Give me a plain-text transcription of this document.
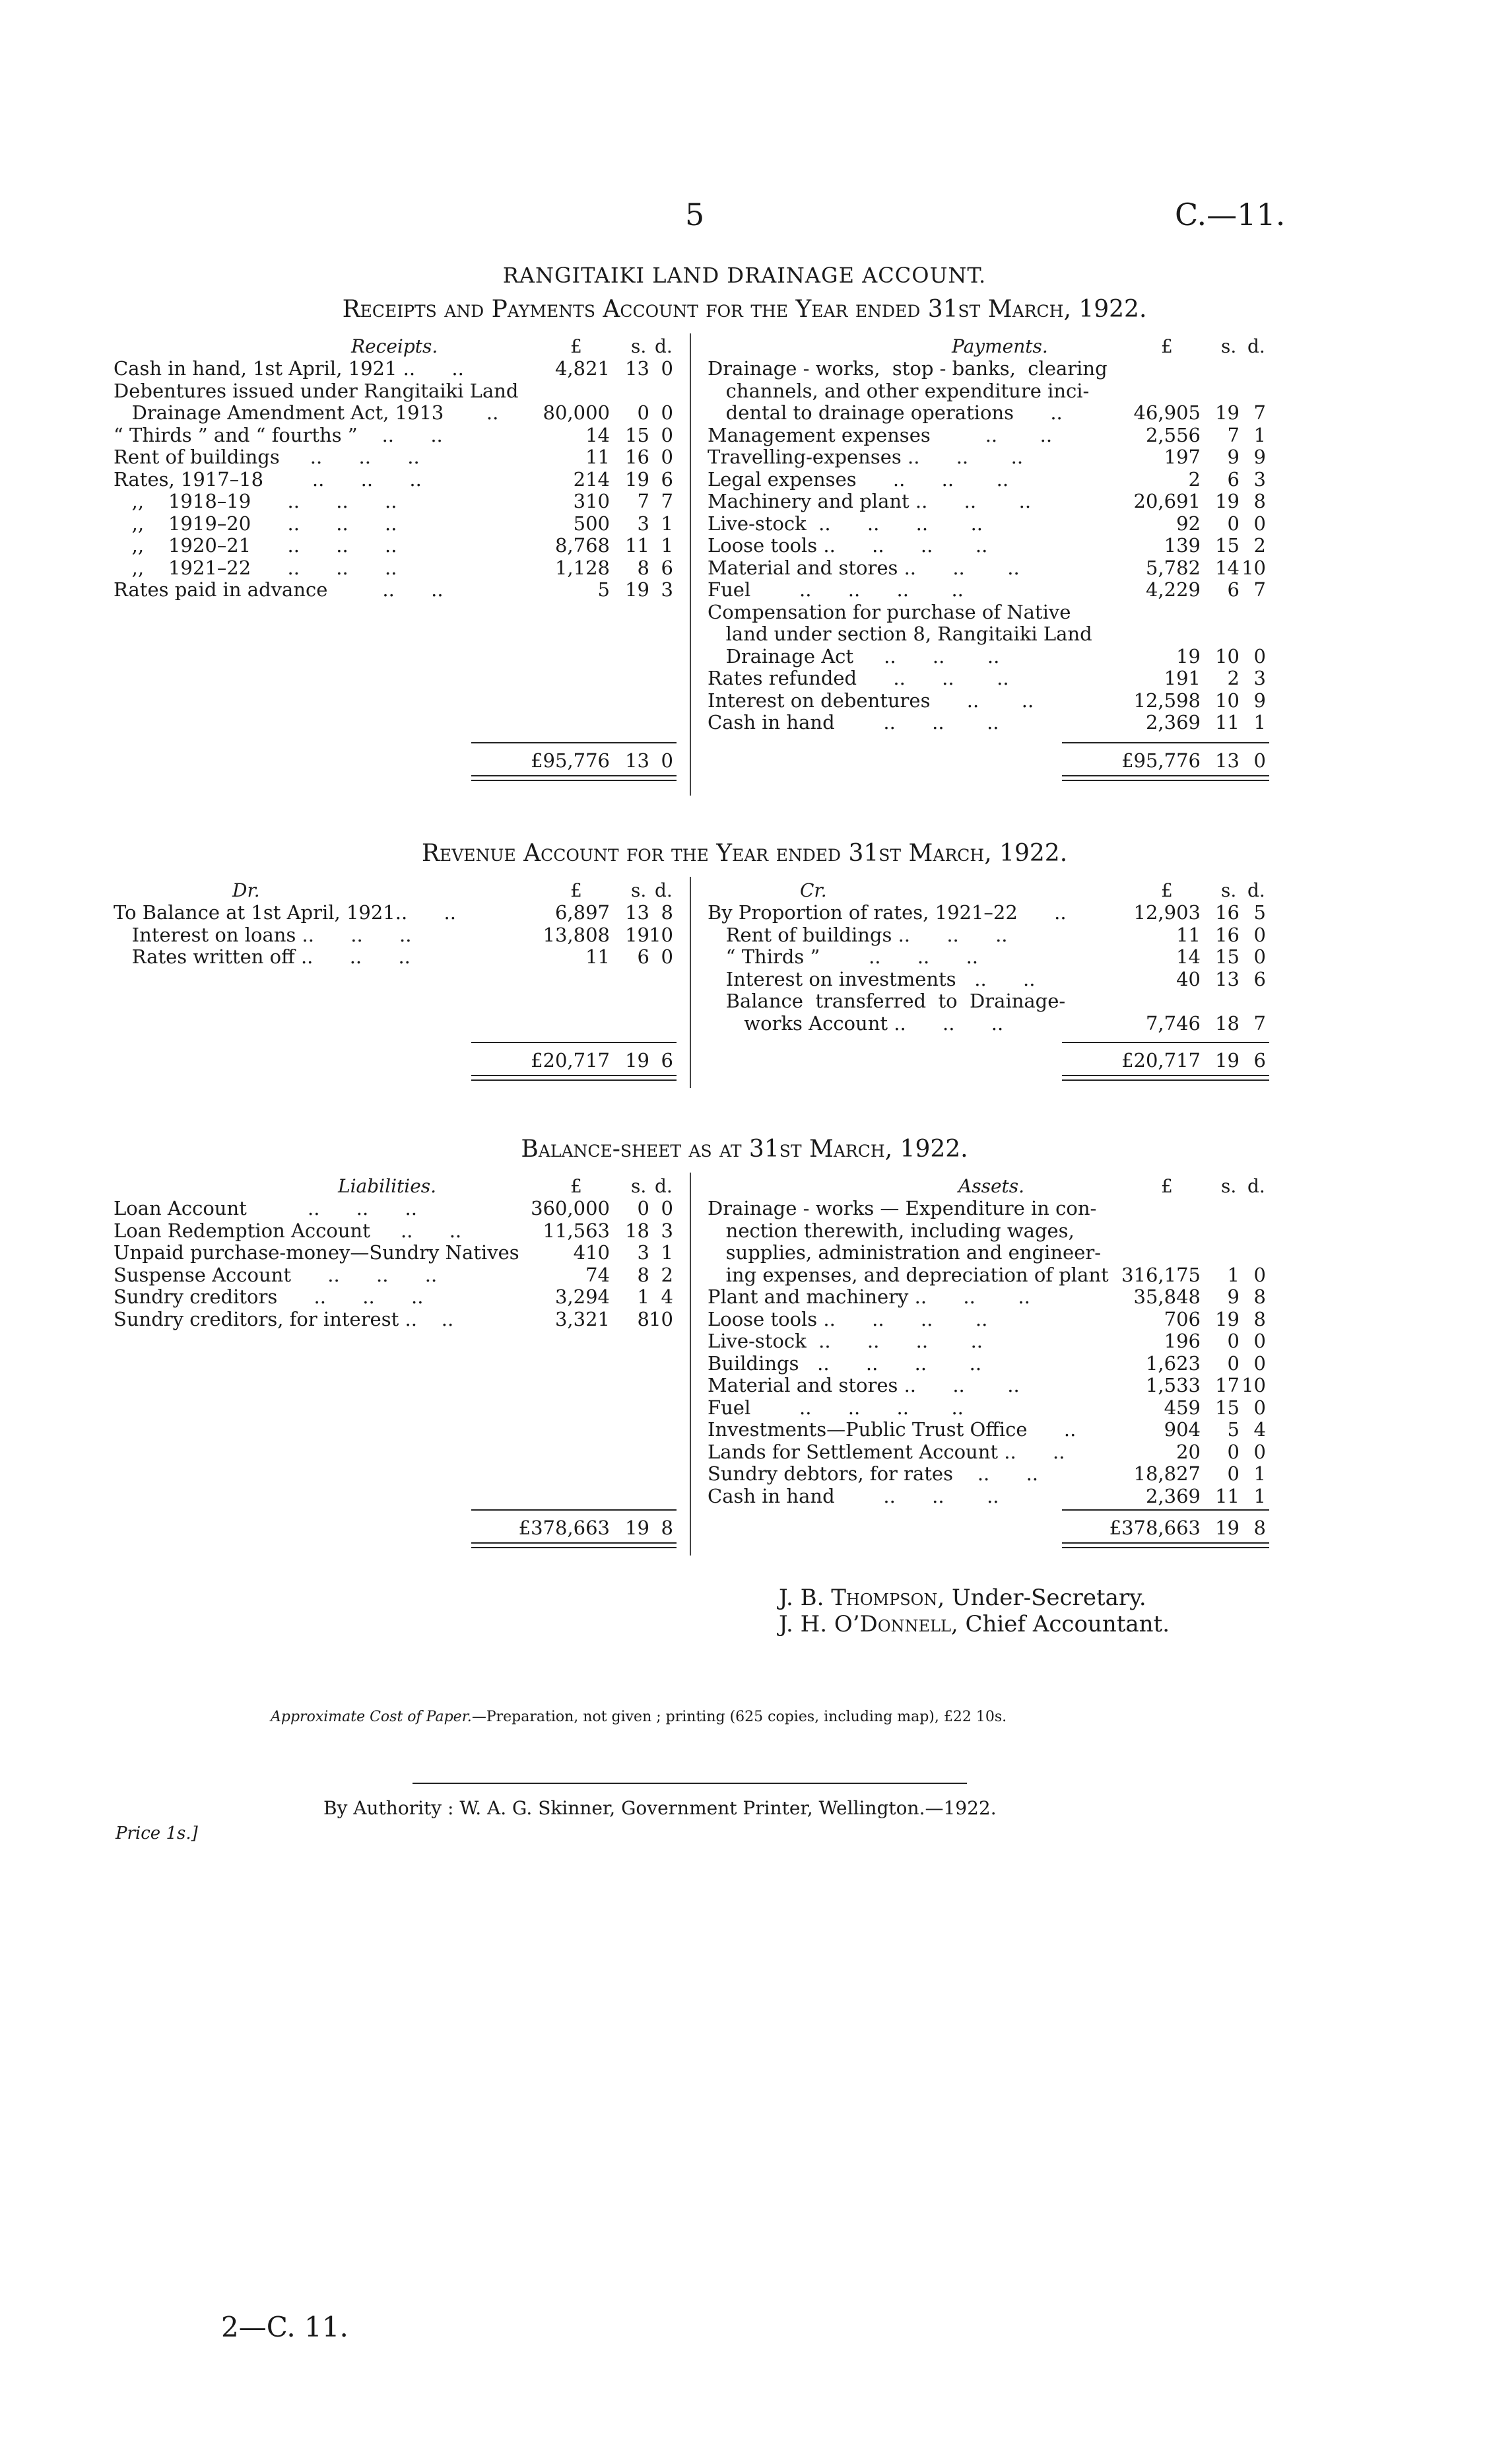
5	C.—11.
RANGITAIKI LAND DRAINAGE ACCOUNT.
Receipts and Payments Account for the Year ended 31st March, 1922.
Receipts.	£	s. d.
Cash in hand, 1st April, 1921 ..      ..	4,821 13 0
Debentures issued under Rangitaiki Land
Drainage Amendment Act, 1913       .. 80,000 0 0
“ Thirds ” and “ fourths ”    ..      ..	14 15 0
Rent of buildings     ..      ..      ..	11 16 0
Rates, 1917–18        ..      ..      ..	214 19 6
,,    1918–19      ..      ..      ..	310 7 7
,,    1919–20      ..      ..      ..	500 3 1
,,    1920–21      ..      ..      ..	8,768 11 1
,,    1921–22      ..      ..      ..	1,128 8 6
Rates paid in advance         ..      ..	5 19 3
£95,776 13 0
Payments.	£	s. d.
Drainage - works,  stop - banks,  clearing
channels, and other expenditure inci-
dental to drainage operations      ..	46,905 19 7
Management expenses         ..       ..	2,556 7 1
Travelling-expenses ..      ..       ..	197 9 9
Legal expenses      ..      ..       ..	2 6 3
Machinery and plant ..      ..       ..	20,691 19 8
Live-stock  ..      ..      ..       ..	92 0 0
Loose tools ..      ..      ..       ..	139 15 2
Material and stores ..      ..       ..	5,782 14 10
Fuel        ..      ..      ..       ..	4,229 6 7
Compensation for purchase of Native
land under section 8, Rangitaiki Land
Drainage Act     ..      ..       ..	19 10 0
Rates refunded      ..      ..       ..	191 2 3
Interest on debentures      ..       ..	12,598 10 9
Cash in hand        ..      ..       ..	2,369 11 1
£95,776 13 0
Revenue Account for the Year ended 31st March, 1922.
Dr.	£	s. d.
To Balance at 1st April, 1921..      ..	6,897 13 8
Interest on loans ..      ..      ..	13,808 19 10
Rates written off ..      ..      ..	11 6 0
£20,717 19 6
Cr.	£	s. d.
By Proportion of rates, 1921–22      ..	12,903 16 5
Rent of buildings ..      ..      ..	11 16 0
“ Thirds ”        ..      ..      ..	14 15 0
Interest on investments   ..      ..	40 13 6
Balance  transferred  to  Drainage-
works Account ..      ..      ..	7,746 18 7
£20,717 19 6
Balance-sheet as at 31st March, 1922.
Liabilities.	£	s. d.
Loan Account          ..      ..      ..	360,000 0 0
Loan Redemption Account     ..      ..	11,563 18 3
Unpaid purchase-money—Sundry Natives	410 3 1
Suspense Account      ..      ..      ..	74 8 2
Sundry creditors      ..      ..      ..	3,294 1 4
Sundry creditors, for interest ..    ..	3,321 8 10
£378,663 19 8
Assets.	£	s. d.
Drainage - works — Expenditure in con-
nection therewith, including wages,
supplies, administration and engineer-
ing expenses, and depreciation of plant 316,175 1 0
Plant and machinery ..      ..       ..	35,848 9 8
Loose tools ..      ..      ..       ..	706 19 8
Live-stock  ..      ..      ..       ..	196 0 0
Buildings   ..      ..      ..       ..	1,623 0 0
Material and stores ..      ..       ..	1,533 17 10
Fuel        ..      ..      ..       ..	459 15 0
Investments—Public Trust Office      ..	904 5 4
Lands for Settlement Account ..      ..	20 0 0
Sundry debtors, for rates    ..      ..	18,827 0 1
Cash in hand        ..      ..       ..	2,369 11 1
£378,663 19 8
J. B. Thompson, Under-Secretary.
J. H. O’Donnell, Chief Accountant.
Approximate Cost of Paper.—Preparation, not given ; printing (625 copies, including map), £22 10s.
By Authority : W. A. G. Skinner, Government Printer, Wellington.—1922.
Price 1s.]
2—C. 11.
